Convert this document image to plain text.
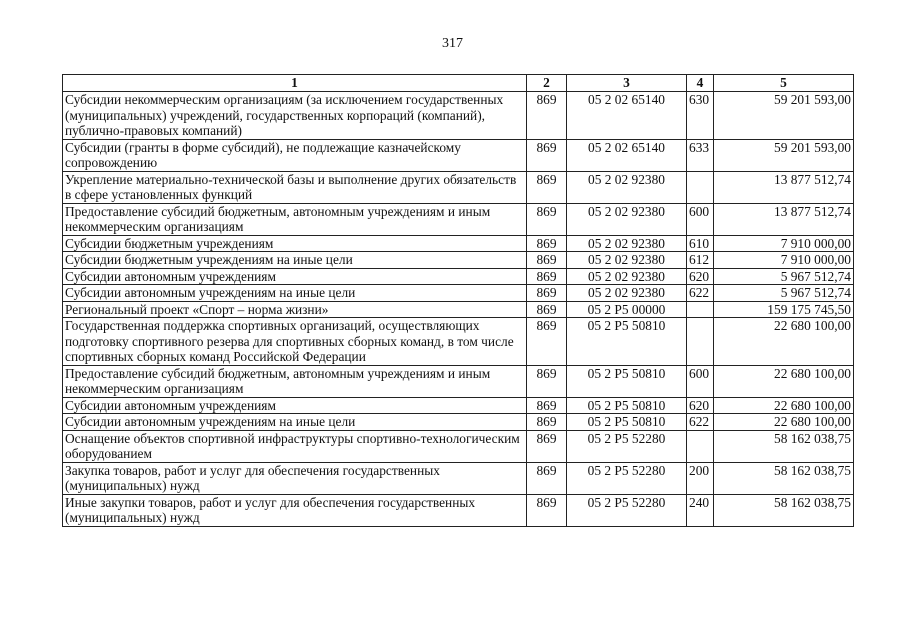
317
1	2	3	4	5
Субсидии некоммерческим организациям (за исключением государственных (муниципальных) учреждений, государственных корпораций (компаний), публично-правовых компаний)	869	05 2 02 65140	630	59 201 593,00
Субсидии (гранты в форме субсидий), не подлежащие казначейскому сопровождению	869	05 2 02 65140	633	59 201 593,00
Укрепление материально-технической базы и выполнение других обязательств в сфере установленных функций	869	05 2 02 92380		13 877 512,74
Предоставление субсидий бюджетным, автономным учреждениям и иным некоммерческим организациям	869	05 2 02 92380	600	13 877 512,74
Субсидии бюджетным учреждениям	869	05 2 02 92380	610	7 910 000,00
Субсидии бюджетным учреждениям на иные цели	869	05 2 02 92380	612	7 910 000,00
Субсидии автономным учреждениям	869	05 2 02 92380	620	5 967 512,74
Субсидии автономным учреждениям на иные цели	869	05 2 02 92380	622	5 967 512,74
Региональный проект «Спорт – норма жизни»	869	05 2 P5 00000		159 175 745,50
Государственная поддержка спортивных организаций, осуществляющих подготовку спортивного резерва для спортивных сборных команд, в том числе спортивных сборных команд Российской Федерации	869	05 2 P5 50810		22 680 100,00
Предоставление субсидий бюджетным, автономным учреждениям и иным некоммерческим организациям	869	05 2 P5 50810	600	22 680 100,00
Субсидии автономным учреждениям	869	05 2 P5 50810	620	22 680 100,00
Субсидии автономным учреждениям на иные цели	869	05 2 P5 50810	622	22 680 100,00
Оснащение объектов спортивной инфраструктуры спортивно-технологическим оборудованием	869	05 2 P5 52280		58 162 038,75
Закупка товаров, работ и услуг для обеспечения государственных (муниципальных) нужд	869	05 2 P5 52280	200	58 162 038,75
Иные закупки товаров, работ и услуг для обеспечения государственных (муниципальных) нужд	869	05 2 P5 52280	240	58 162 038,75
